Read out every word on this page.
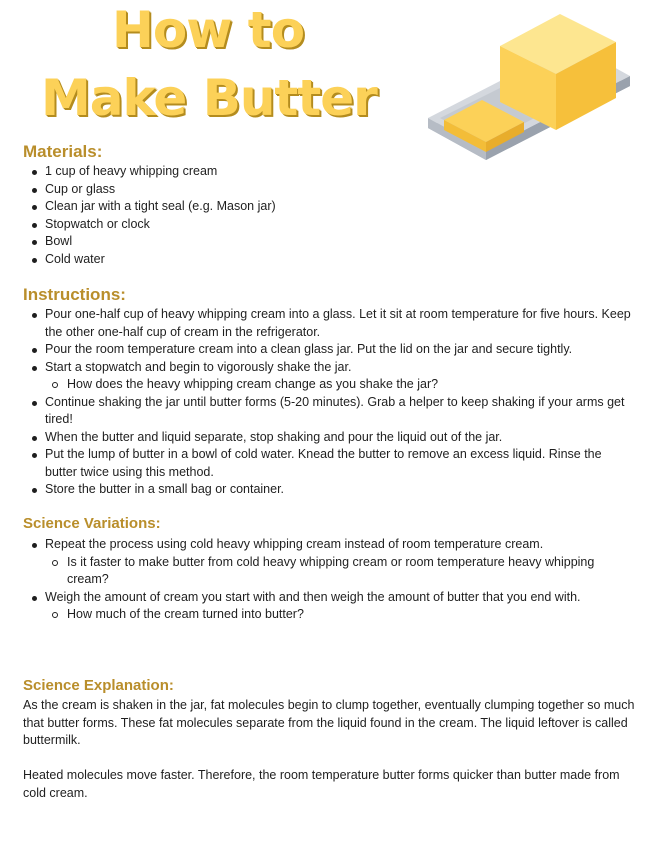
How to
Make Butter
Materials:
1 cup of heavy whipping cream
Cup or glass
Clean jar with a tight seal (e.g. Mason jar)
Stopwatch or clock
Bowl
Cold water
Instructions:
Pour one-half cup of heavy whipping cream into a glass. Let it sit at room temperature for five hours. Keep the other one-half cup of cream in the refrigerator.
Pour the room temperature cream into a clean glass jar. Put the lid on the jar and secure tightly.
Start a stopwatch and begin to vigorously shake the jar.
How does the heavy whipping cream change as you shake the jar?
Continue shaking the jar until butter forms (5-20 minutes). Grab a helper to keep shaking if your arms get tired!
When the butter and liquid separate, stop shaking and pour the liquid out of the jar.
Put the lump of butter in a bowl of cold water. Knead the butter to remove an excess liquid. Rinse the butter twice using this method.
Store the butter in a small bag or container.
Science Variations:
Repeat the process using cold heavy whipping cream instead of room temperature cream.
Is it faster to make butter from cold heavy whipping cream or room temperature heavy whipping cream?
Weigh the amount of cream you start with and then weigh the amount of butter that you end with.
How much of the cream turned into butter?
Science Explanation:

As the cream is shaken in the jar, fat molecules begin to clump together, eventually clumping together so much that butter forms. These fat molecules separate from the liquid found in the cream. The liquid leftover is called buttermilk.

Heated molecules move faster. Therefore, the room temperature butter forms quicker than butter made from cold cream.
